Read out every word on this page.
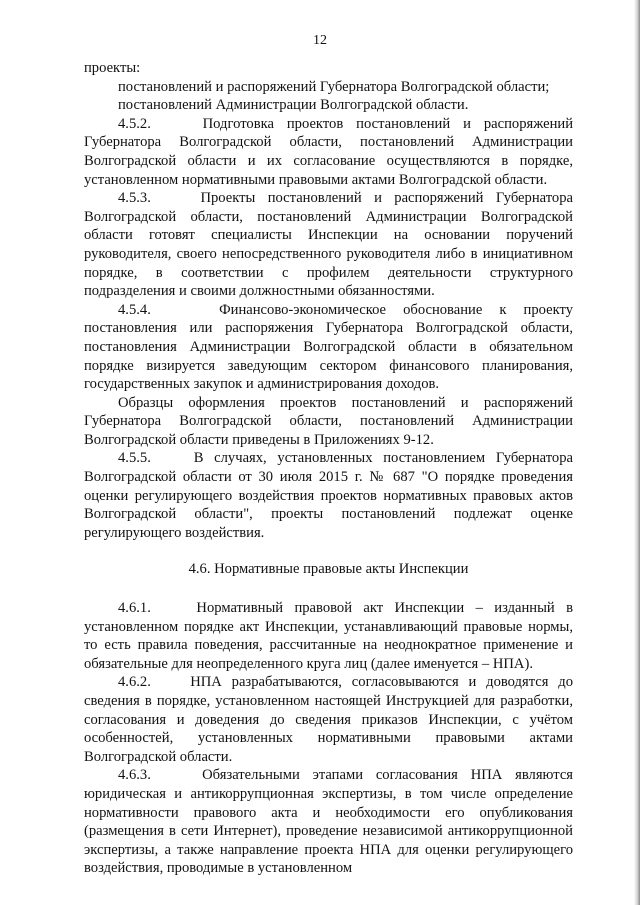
12

проекты:

постановлений и распоряжений Губернатора Волгоградской области;

постановлений Администрации Волгоградской области.

4.5.2.	Подготовка проектов постановлений и распоряжений Губернатора Волгоградской области, постановлений Администрации Волгоградской области и их согласование осуществляются в порядке, установленном нормативными правовыми актами Волгоградской области.

4.5.3.	Проекты постановлений и распоряжений Губернатора Волгоградской области, постановлений Администрации Волгоградской области готовят специалисты Инспекции на основании поручений руководителя, своего непосредственного руководителя либо в инициативном порядке, в соответствии с профилем деятельности структурного подразделения и своими должностными обязанностями.

4.5.4.	Финансово-экономическое обоснование к проекту постановления или распоряжения Губернатора Волгоградской области, постановления Администрации Волгоградской области в обязательном порядке визируется заведующим сектором финансового планирования, государственных закупок и администрирования доходов.

Образцы оформления проектов постановлений и распоряжений Губернатора Волгоградской области, постановлений Администрации Волгоградской области приведены в Приложениях 9-12.

4.5.5.	В случаях, установленных постановлением Губернатора Волгоградской области от 30 июля 2015 г. № 687 "О порядке проведения оценки регулирующего воздействия проектов нормативных правовых актов Волгоградской области", проекты постановлений подлежат оценке регулирующего воздействия.

4.6. Нормативные правовые акты Инспекции

4.6.1.	Нормативный правовой акт Инспекции – изданный в установленном порядке акт Инспекции, устанавливающий правовые нормы, то есть правила поведения, рассчитанные на неоднократное применение и обязательные для неопределенного круга лиц (далее именуется – НПА).

4.6.2.	НПА разрабатываются, согласовываются и доводятся до сведения в порядке, установленном настоящей Инструкцией для разработки, согласования и доведения до сведения приказов Инспекции, с учётом особенностей, установленных нормативными правовыми актами Волгоградской области.

4.6.3.	Обязательными этапами согласования НПА являются юридическая и антикоррупционная экспертизы, в том числе определение нормативности правового акта и необходимости его опубликования (размещения в сети Интернет), проведение независимой антикоррупционной экспертизы, а также направление проекта НПА для оценки регулирующего воздействия, проводимые в установленном
